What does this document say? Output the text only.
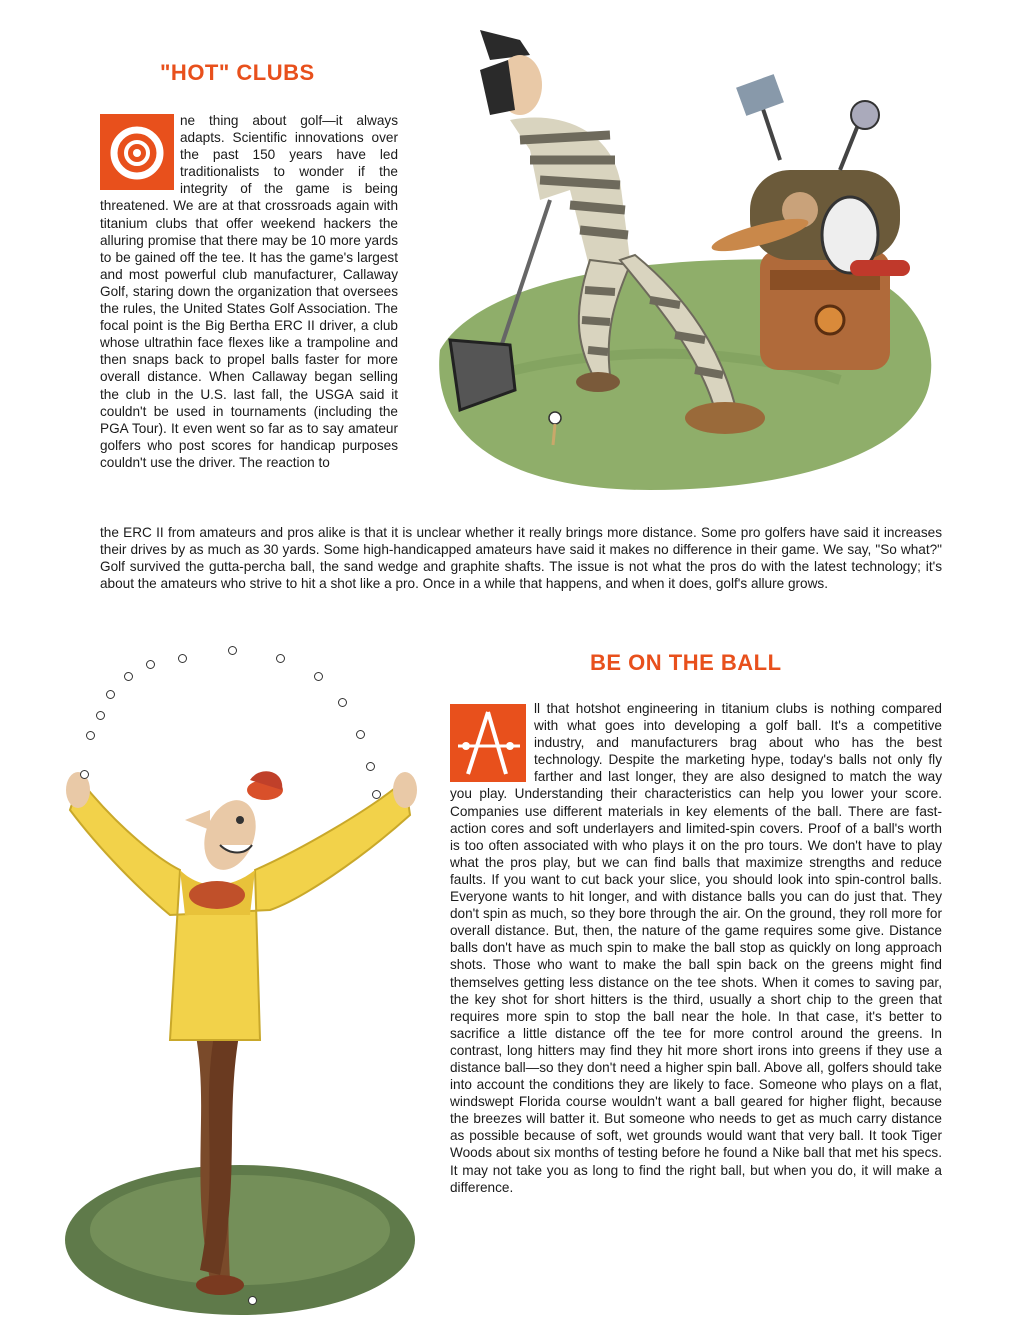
"HOT" CLUBS

ne thing about golf—it always adapts. Scientific innovations over the past 150 years have led traditionalists to wonder if the integrity of the game is being threatened. We are at that crossroads again with titanium clubs that offer weekend hackers the alluring promise that there may be 10 more yards to be gained off the tee. It has the game's largest and most powerful club manufacturer, Callaway Golf, staring down the organization that oversees the rules, the United States Golf Association. The focal point is the Big Bertha ERC II driver, a club whose ultrathin face flexes like a trampoline and then snaps back to propel balls faster for more overall distance. When Callaway began selling the club in the U.S. last fall, the USGA said it couldn't be used in tournaments (including the PGA Tour). It even went so far as to say amateur golfers who post scores for handicap purposes couldn't use the driver. The reaction to

the ERC II from amateurs and pros alike is that it is unclear whether it really brings more distance. Some pro golfers have said it increases their drives by as much as 30 yards. Some high-handicapped amateurs have said it makes no difference in their game. We say, "So what?" Golf survived the gutta-percha ball, the sand wedge and graphite shafts. The issue is not what the pros do with the latest technology; it's about the amateurs who strive to hit a shot like a pro. Once in a while that happens, and when it does, golf's allure grows.

BE ON THE BALL

ll that hotshot engineering in titanium clubs is nothing compared with what goes into developing a golf ball. It's a competitive industry, and manufacturers brag about who has the best technology. Despite the marketing hype, today's balls not only fly farther and last longer, they are also designed to match the way you play. Understanding their characteristics can help you lower your score. Companies use different materials in key elements of the ball. There are fast-action cores and soft underlayers and limited-spin covers. Proof of a ball's worth is too often associated with who plays it on the pro tours. We don't have to play what the pros play, but we can find balls that maximize strengths and reduce faults. If you want to cut back your slice, you should look into spin-control balls. Everyone wants to hit longer, and with distance balls you can do just that. They don't spin as much, so they bore through the air. On the ground, they roll more for overall distance. But, then, the nature of the game requires some give. Distance balls don't have as much spin to make the ball stop as quickly on long approach shots. Those who want to make the ball spin back on the greens might find themselves getting less distance on the tee shots. When it comes to saving par, the key shot for short hitters is the third, usually a short chip to the green that requires more spin to stop the ball near the hole. In that case, it's better to sacrifice a little distance off the tee for more control around the greens. In contrast, long hitters may find they hit more short irons into greens if they use a distance ball—so they don't need a higher spin ball. Above all, golfers should take into account the conditions they are likely to face. Someone who plays on a flat, windswept Florida course wouldn't want a ball geared for higher flight, because the breezes will batter it. But someone who needs to get as much carry distance as possible because of soft, wet grounds would want that very ball. It took Tiger Woods about six months of testing before he found a Nike ball that met his specs. It may not take you as long to find the right ball, but when you do, it will make a difference.
